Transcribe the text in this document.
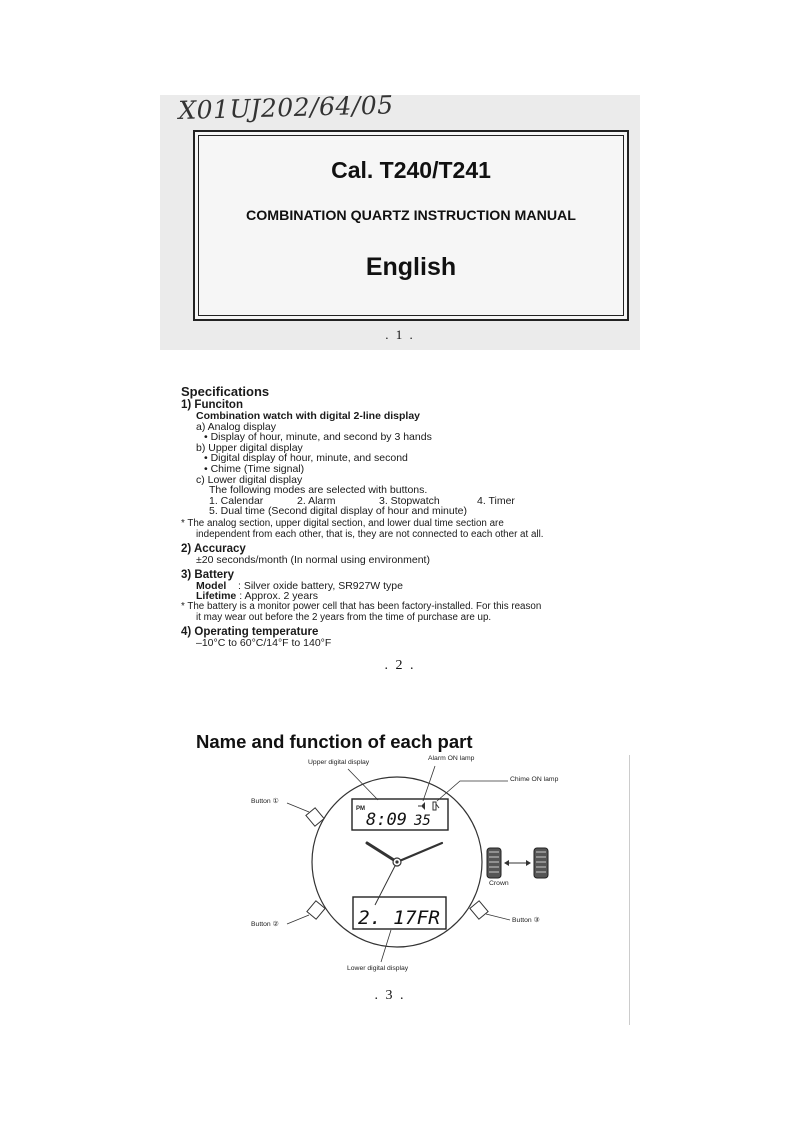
X01UJ202/64/05
Cal. T240/T241
COMBINATION QUARTZ INSTRUCTION MANUAL
English
. 1 .
Specifications
1) Funciton
Combination watch with digital 2-line display
a) Analog display
• Display of hour, minute, and second by 3 hands
b) Upper digital display
• Digital display of hour, minute, and second
• Chime (Time signal)
c) Lower digital display
The following modes are selected with buttons.
1. Calendar	2. Alarm	3. Stopwatch	4. Timer
5. Dual time (Second digital display of hour and minute)
* The analog section, upper digital section, and lower dual time section are
independent from each other, that is, they are not connected to each other at all.
2) Accuracy
±20 seconds/month (In normal using environment)
3) Battery
Model : Silver oxide battery, SR927W type
Lifetime : Approx. 2 years
* The battery is a monitor power cell that has been factory-installed. For this reason
it may wear out before the 2 years from the time of purchase are up.
4) Operating temperature
–10°C to 60°C/14°F to 140°F
. 2 .
Name and function of each part
PM
8:09 35
2. 17FR
Upper digital display
Alarm ON lamp
Chime ON lamp
Button ①
Button ②
Button ③
Crown
Lower digital display
. 3 .
